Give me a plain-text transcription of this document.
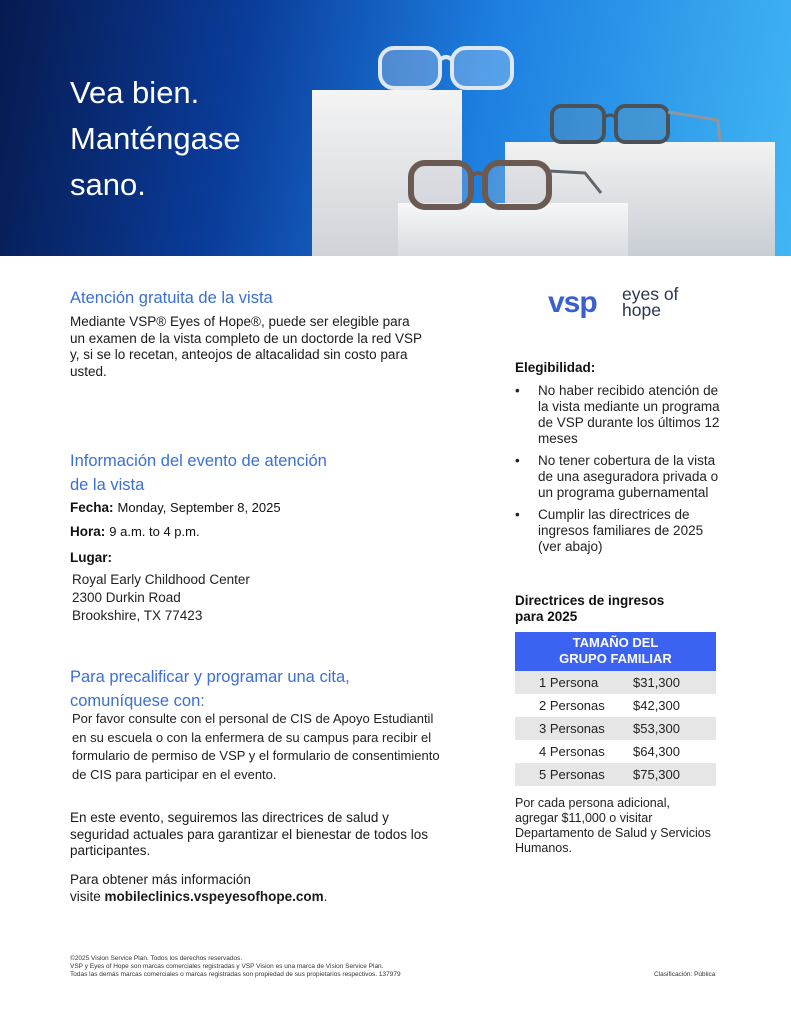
Vea bien.
Manténgase
sano.
vsp eyes of
hope
Atención gratuita de la vista

Mediante VSP® Eyes of Hope®, puede ser elegible para un examen de la vista completo de un doctorde la red VSP y, si se lo recetan, anteojos de altacalidad sin costo para usted.

Información del evento de atención
de la vista
Fecha: Monday, September 8, 2025
Hora: 9 a.m. to 4 p.m.
Lugar:
Royal Early Childhood Center
2300 Durkin Road
Brookshire, TX 77423
Para precalificar y programar una cita,
comuníquese con:
Por favor consulte con el personal de CIS de Apoyo Estudiantil
en su escuela o con la enfermera de su campus para recibir el
formulario de permiso de VSP y el formulario de consentimiento
de CIS para participar en el evento.

En este evento, seguiremos las directrices de salud y seguridad actuales para garantizar el bienestar de todos los participantes.

Para obtener más información
visite mobileclinics.vspeyesofhope.com.
Elegibilidad:
• No haber recibido atención de la vista mediante un programa de VSP durante los últimos 12 meses
• No tener cobertura de la vista de una aseguradora privada o un programa gubernamental
• Cumplir las directrices de ingresos familiares de 2025 (ver abajo)
Directrices de ingresos
para 2025
TAMAÑO DEL
GRUPO FAMILIAR	

1 Persona	$31,300
2 Personas	$42,300
3 Personas	$53,300
4 Personas	$64,300
5 Personas	$75,300

Por cada persona adicional, agregar $11,000 o visitar Departamento de Salud y Servicios Humanos.

©2025 Vision Service Plan. Todos los derechos reservados.
VSP y Eyes of Hope son marcas comerciales registradas y VSP Vision es una marca de Vision Service Plan.
Todas las demás marcas comerciales o marcas registradas son propiedad de sus propietarios respectivos. 137979	Clasificación: Pública
